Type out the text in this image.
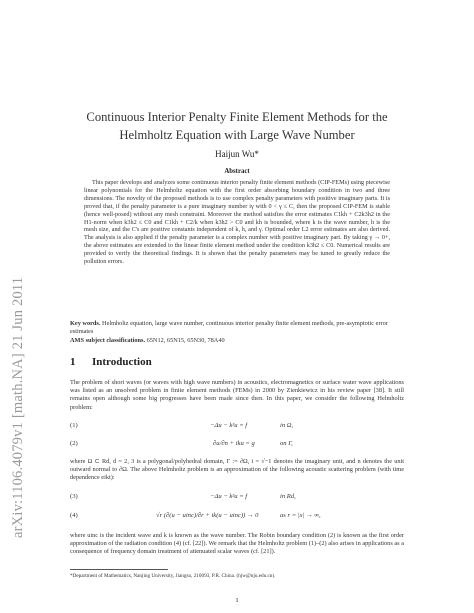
arXiv:1106.4079v1 [math.NA] 21 Jun 2011
Continuous Interior Penalty Finite Element Methods for the
Helmholtz Equation with Large Wave Number
Haijun Wu*
Abstract
This paper develops and analyzes some continuous interior penalty finite element methods (CIP-FEMs) using piecewise linear polynomials for the Helmholtz equation with the first order absorbing boundary condition in two and three dimensions. The novelty of the proposed methods is to use complex penalty parameters with positive imaginary parts. It is proved that, if the penalty parameter is a pure imaginary number iγ with 0 < γ ≤ C, then the proposed CIP-FEM is stable (hence well-posed) without any mesh constraint. Moreover the method satisfies the error estimates C1kh + C2k3h2 in the H1-norm when k3h2 ≤ C0 and C1kh + C2/k when k3h2 > C0 and kh is bounded, where k is the wave number, h is the mesh size, and the C's are positive constants independent of k, h, and γ. Optimal order L2 error estimates are also derived. The analysis is also applied if the penalty parameter is a complex number with positive imaginary part. By taking γ → 0+, the above estimates are extended to the linear finite element method under the condition k3h2 ≤ C0. Numerical results are provided to verify the theoretical findings. It is shown that the penalty parameters may be tuned to greatly reduce the pollution errors.
Key words. Helmholtz equation, large wave number, continuous interior penalty finite element methods, pre-asymptotic error estimates
AMS subject classifications. 65N12, 65N15, 65N30, 78A40
1 Introduction
The problem of short waves (or waves with high wave numbers) in acoustics, electromagnetics or surface water wave applications was listed as an unsolved problem in finite element methods (FEMs) in 2000 by Zienkiewicz in his review paper [38]. It still remains open although some big progresses have been made since then. In this paper, we consider the following Helmholtz problem:
(1)	−Δu − k²u = f	in Ω,
(2)	∂u/∂n + iku = g	on Γ,
where Ω ⊂ Rd, d = 2, 3 is a polygonal/polyhedral domain, Γ := ∂Ω, i = √−1 denotes the imaginary unit, and n denotes the unit outward normal to ∂Ω. The above Helmholtz problem is an approximation of the following acoustic scattering problem (with time dependence eikt):
(3)	−Δu − k²u = f	in Rd,
(4)	√r (∂(u − uinc)/∂r + ik(u − uinc)) → 0	as r = |x| → ∞,
where uinc is the incident wave and k is known as the wave number. The Robin boundary condition (2) is known as the first order approximation of the radiation condition (4) (cf. [22]). We remark that the Helmholtz problem (1)–(2) also arises in applications as a consequence of frequency domain treatment of attenuated scalar waves (cf. [21]).
*Department of Mathematics, Nanjing University, Jiangsu, 210093, P.R. China. (hjw@nju.edu.cn).
1
